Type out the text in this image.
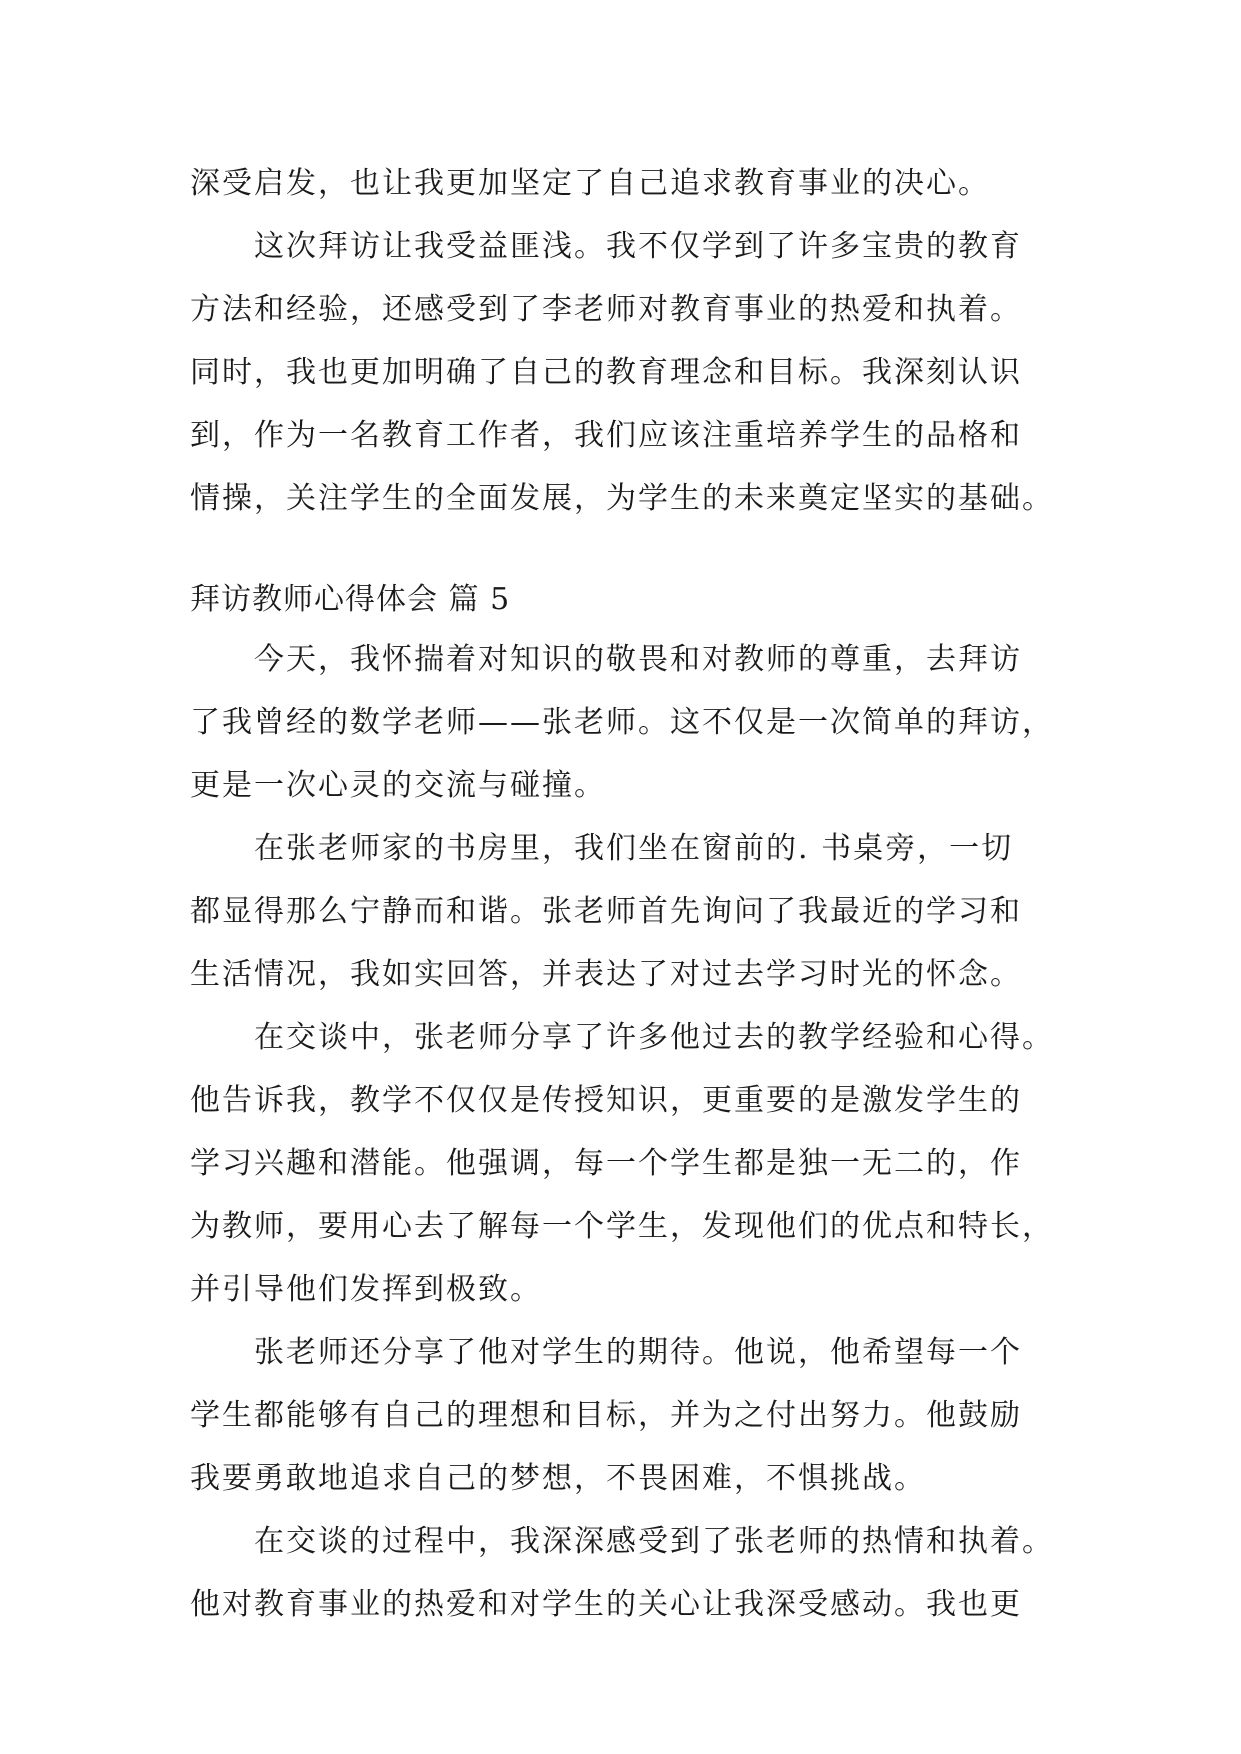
深受启发，也让我更加坚定了自己追求教育事业的决心。
　　这次拜访让我受益匪浅。我不仅学到了许多宝贵的教育
方法和经验，还感受到了李老师对教育事业的热爱和执着。
同时，我也更加明确了自己的教育理念和目标。我深刻认识
到，作为一名教育工作者，我们应该注重培养学生的品格和
情操，关注学生的全面发展，为学生的未来奠定坚实的基础。
拜访教师心得体会 篇 5
　　今天，我怀揣着对知识的敬畏和对教师的尊重，去拜访
了我曾经的数学老师——张老师。这不仅是一次简单的拜访，
更是一次心灵的交流与碰撞。
　　在张老师家的书房里，我们坐在窗前的. 书桌旁，一切
都显得那么宁静而和谐。张老师首先询问了我最近的学习和
生活情况，我如实回答，并表达了对过去学习时光的怀念。
　　在交谈中，张老师分享了许多他过去的教学经验和心得。
他告诉我，教学不仅仅是传授知识，更重要的是激发学生的
学习兴趣和潜能。他强调，每一个学生都是独一无二的，作
为教师，要用心去了解每一个学生，发现他们的优点和特长，
并引导他们发挥到极致。
　　张老师还分享了他对学生的期待。他说，他希望每一个
学生都能够有自己的理想和目标，并为之付出努力。他鼓励
我要勇敢地追求自己的梦想，不畏困难，不惧挑战。
　　在交谈的过程中，我深深感受到了张老师的热情和执着。
他对教育事业的热爱和对学生的关心让我深受感动。我也更
